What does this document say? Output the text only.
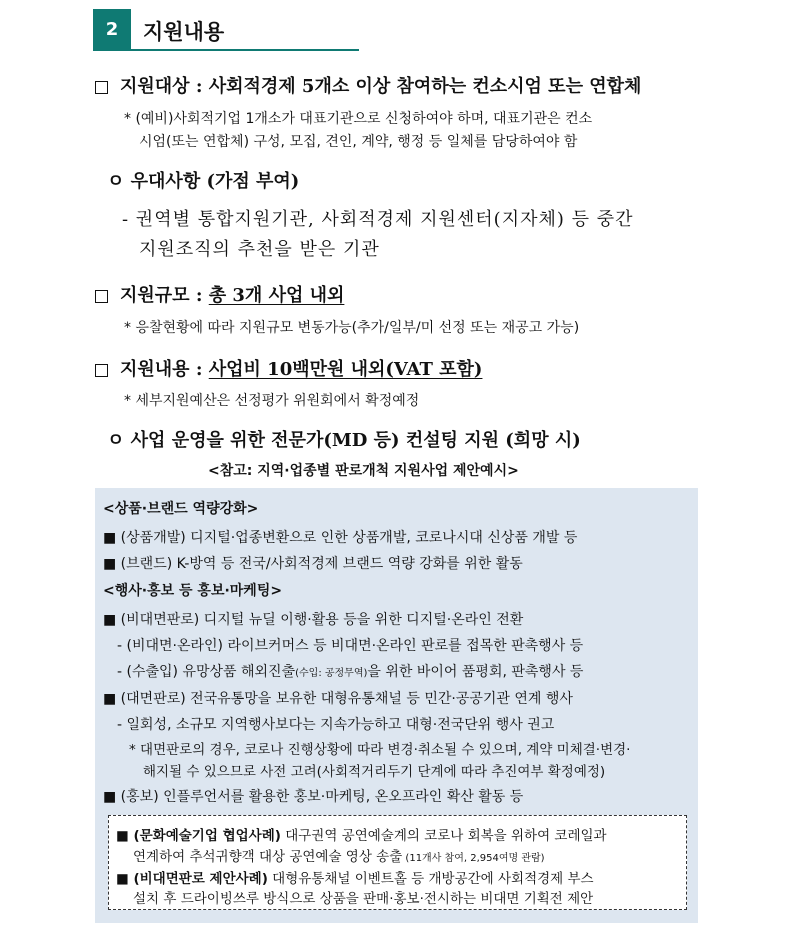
2	지원내용
지원대상 : 사회적경제 5개소 이상 참여하는 컨소시엄 또는 연합체
* (예비)사회적기업 1개소가 대표기관으로 신청하여야 하며, 대표기관은 컨소
시엄(또는 연합체) 구성, 모집, 견인, 계약, 행정 등 일체를 담당하여야 함
ㅇ 우대사항 (가점 부여)
- 권역별 통합지원기관, 사회적경제 지원센터(지자체) 등 중간
지원조직의 추천을 받은 기관
지원규모 : 총 3개 사업 내외
* 응찰현황에 따라 지원규모 변동가능(추가/일부/미 선정 또는 재공고 가능)
지원내용 : 사업비 10백만원 내외(VAT 포함)
* 세부지원예산은 선정평가 위원회에서 확정예정
ㅇ 사업 운영을 위한 전문가(MD 등) 컨설팅 지원 (희망 시)
<참고: 지역·업종별 판로개척 지원사업 제안예시>
<상품·브랜드 역량강화>
■ (상품개발) 디지털·업종변환으로 인한 상품개발, 코로나시대 신상품 개발 등
■ (브랜드) K-방역 등 전국/사회적경제 브랜드 역량 강화를 위한 활동
<행사·홍보 등 홍보·마케팅>
■ (비대면판로) 디지털 뉴딜 이행·활용 등을 위한 디지털·온라인 전환
- (비대면·온라인) 라이브커머스 등 비대면·온라인 판로를 접목한 판촉행사 등
- (수출입) 유망상품 해외진출(수입: 공정무역)을 위한 바이어 품평회, 판촉행사 등
■ (대면판로) 전국유통망을 보유한 대형유통채널 등 민간·공공기관 연계 행사
- 일회성, 소규모 지역행사보다는 지속가능하고 대형·전국단위 행사 권고
* 대면판로의 경우, 코로나 진행상황에 따라 변경·취소될 수 있으며, 계약 미체결·변경·
해지될 수 있으므로 사전 고려(사회적거리두기 단계에 따라 추진여부 확정예정)
■ (홍보) 인플루언서를 활용한 홍보·마케팅, 온오프라인 확산 활동 등
■ (문화예술기업 협업사례) 대구권역 공연예술계의 코로나 회복을 위하여 코레일과
연계하여 추석귀향객 대상 공연예술 영상 송출 (11개사 참여, 2,954여명 관람)
■ (비대면판로 제안사례) 대형유통채널 이벤트홀 등 개방공간에 사회적경제 부스
설치 후 드라이빙쓰루 방식으로 상품을 판매·홍보·전시하는 비대면 기획전 제안
